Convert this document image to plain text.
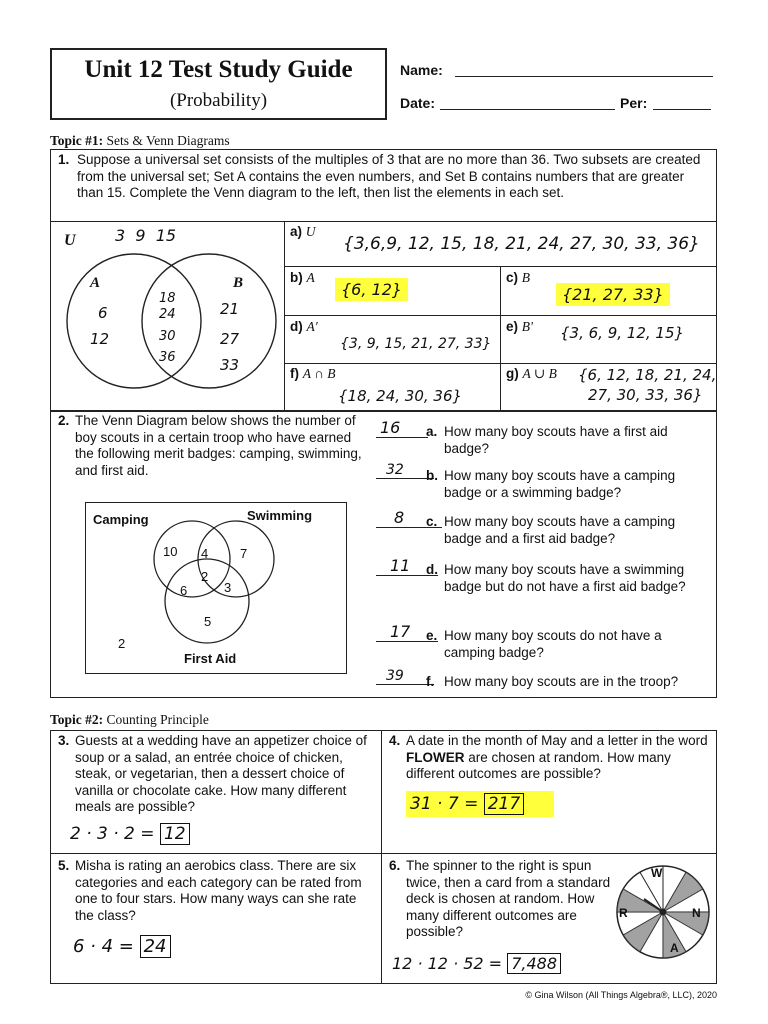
Unit 12 Test Study Guide
(Probability)
Name:
Date:	Per:
Topic #1: Sets & Venn Diagrams
1. Suppose a universal set consists of the multiples of 3 that are no more than 36. Two subsets are created from the universal set; Set A contains the even numbers, and Set B contains numbers that are greater than 15. Complete the Venn diagram to the left, then list the elements in each set.
U 3  9  15
A	B
6
12
18
24
30
36
21
27
33
a) U
{3,6,9, 12, 15, 18, 21, 24, 27, 30, 33, 36}
b) A
{6, 12}
c) B
{21, 27, 33}
d) A'
{3, 9, 15, 21, 27, 33}
e) B' {3, 6, 9, 12, 15}
f) A ∩ B
{18, 24, 30, 36}
g) A ∪ B {6, 12, 18, 21, 24,
27, 30, 33, 36}
2. The Venn Diagram below shows the number of boy scouts in a certain troop who have earned the following merit badges: camping, swimming, and first aid.
Camping	Swimming
10 4 7
2
6	3
5
2
First Aid
16	a. How many boy scouts have a first aid badge?
32	b. How many boy scouts have a camping badge or a swimming badge?
8	c. How many boy scouts have a camping badge and a first aid badge?
11	d. How many boy scouts have a swimming badge but do not have a first aid badge?
17	e. How many boy scouts do not have a camping badge?
39	f. How many boy scouts are in the troop?
Topic #2: Counting Principle
3. Guests at a wedding have an appetizer choice of soup or a salad, an entrée choice of chicken, steak, or vegetarian, then a dessert choice of vanilla or chocolate cake. How many different meals are possible?
2 · 3 · 2 = 12
4. A date in the month of May and a letter in the word FLOWER are chosen at random. How many different outcomes are possible?
31 · 7 = 217
5. Misha is rating an aerobics class. There are six categories and each category can be rated from one to four stars. How many ways can she rate the class?
6 · 4 = 24
6. The spinner to the right is spun twice, then a card from a standard deck is chosen at random. How many different outcomes are possible?
12 · 12 · 52 = 7,488
W
R	N
A
© Gina Wilson (All Things Algebra®, LLC), 2020
